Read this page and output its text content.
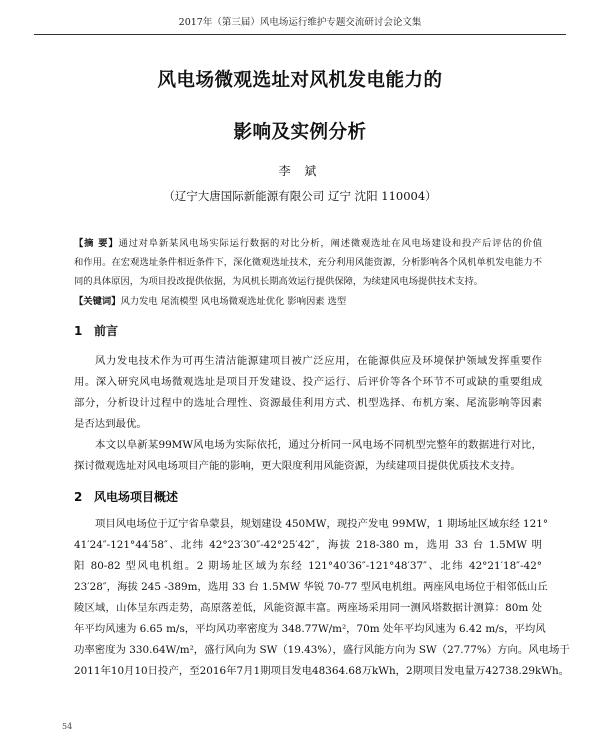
2017年（第三届）风电场运行维护专题交流研讨会论文集
风电场微观选址对风机发电能力的
影响及实例分析
李 斌
（辽宁大唐国际新能源有限公司 辽宁 沈阳 110004）
【摘 要】通过对阜新某风电场实际运行数据的对比分析，阐述微观选址在风电场建设和投产后评估的价值
和作用。在宏观选址条件相近条件下，深化微观选址技术，充分利用风能资源，分析影响各个风机单机发电能力不
同的具体原因，为项目投改提供依据，为风机长期高效运行提供保障，为续建风电场提供技术支持。
【关键词】风力发电 尾流模型 风电场微观选址优化 影响因素 选型
1 前言
风力发电技术作为可再生清洁能源建项目被广泛应用，在能源供应及环境保护领域发挥重要作
用。深入研究风电场微观选址是项目开发建设、投产运行、后评价等各个环节不可或缺的重要组成
部分，分析设计过程中的选址合理性、资源最佳利用方式、机型选择、布机方案、尾流影响等因素
是否达到最优。
本文以阜新某99MW风电场为实际依托，通过分析同一风电场不同机型完整年的数据进行对比，
探讨微观选址对风电场项目产能的影响，更大限度利用风能资源，为续建项目提供优质技术支持。
2 风电场项目概述
项目风电场位于辽宁省阜蒙县，规划建设 450MW，现投产发电 99MW，1 期场址区域东经 121°
41′24″-121°44′58″、北纬 42°23′30″-42°25′42″，海拔 218-380 m，选用 33 台 1.5MW 明
阳 80-82 型风电机组。2 期场址区域为东经 121°40′36″-121°48′37″、北纬 42°21′18″-42°
23′28″，海拔 245 -389m，选用 33 台 1.5MW 华锐 70-77 型风电机组。两座风电场位于相邻低山丘
陵区域，山体呈东西走势，高原落差低，风能资源丰富。两座场采用同一测风塔数据计测算：80m 处
年平均风速为 6.65 m/s，平均风功率密度为 348.77W/m²，70m 处年平均风速为 6.42 m/s，平均风
功率密度为 330.64W/m²，盛行风向为 SW（19.43%），盛行风能方向为 SW（27.77%）方向。风电场于
2011年10月10日投产，至2016年7月1期项目发电48364.68万kWh，2期项目发电量万42738.29kWh。
54
